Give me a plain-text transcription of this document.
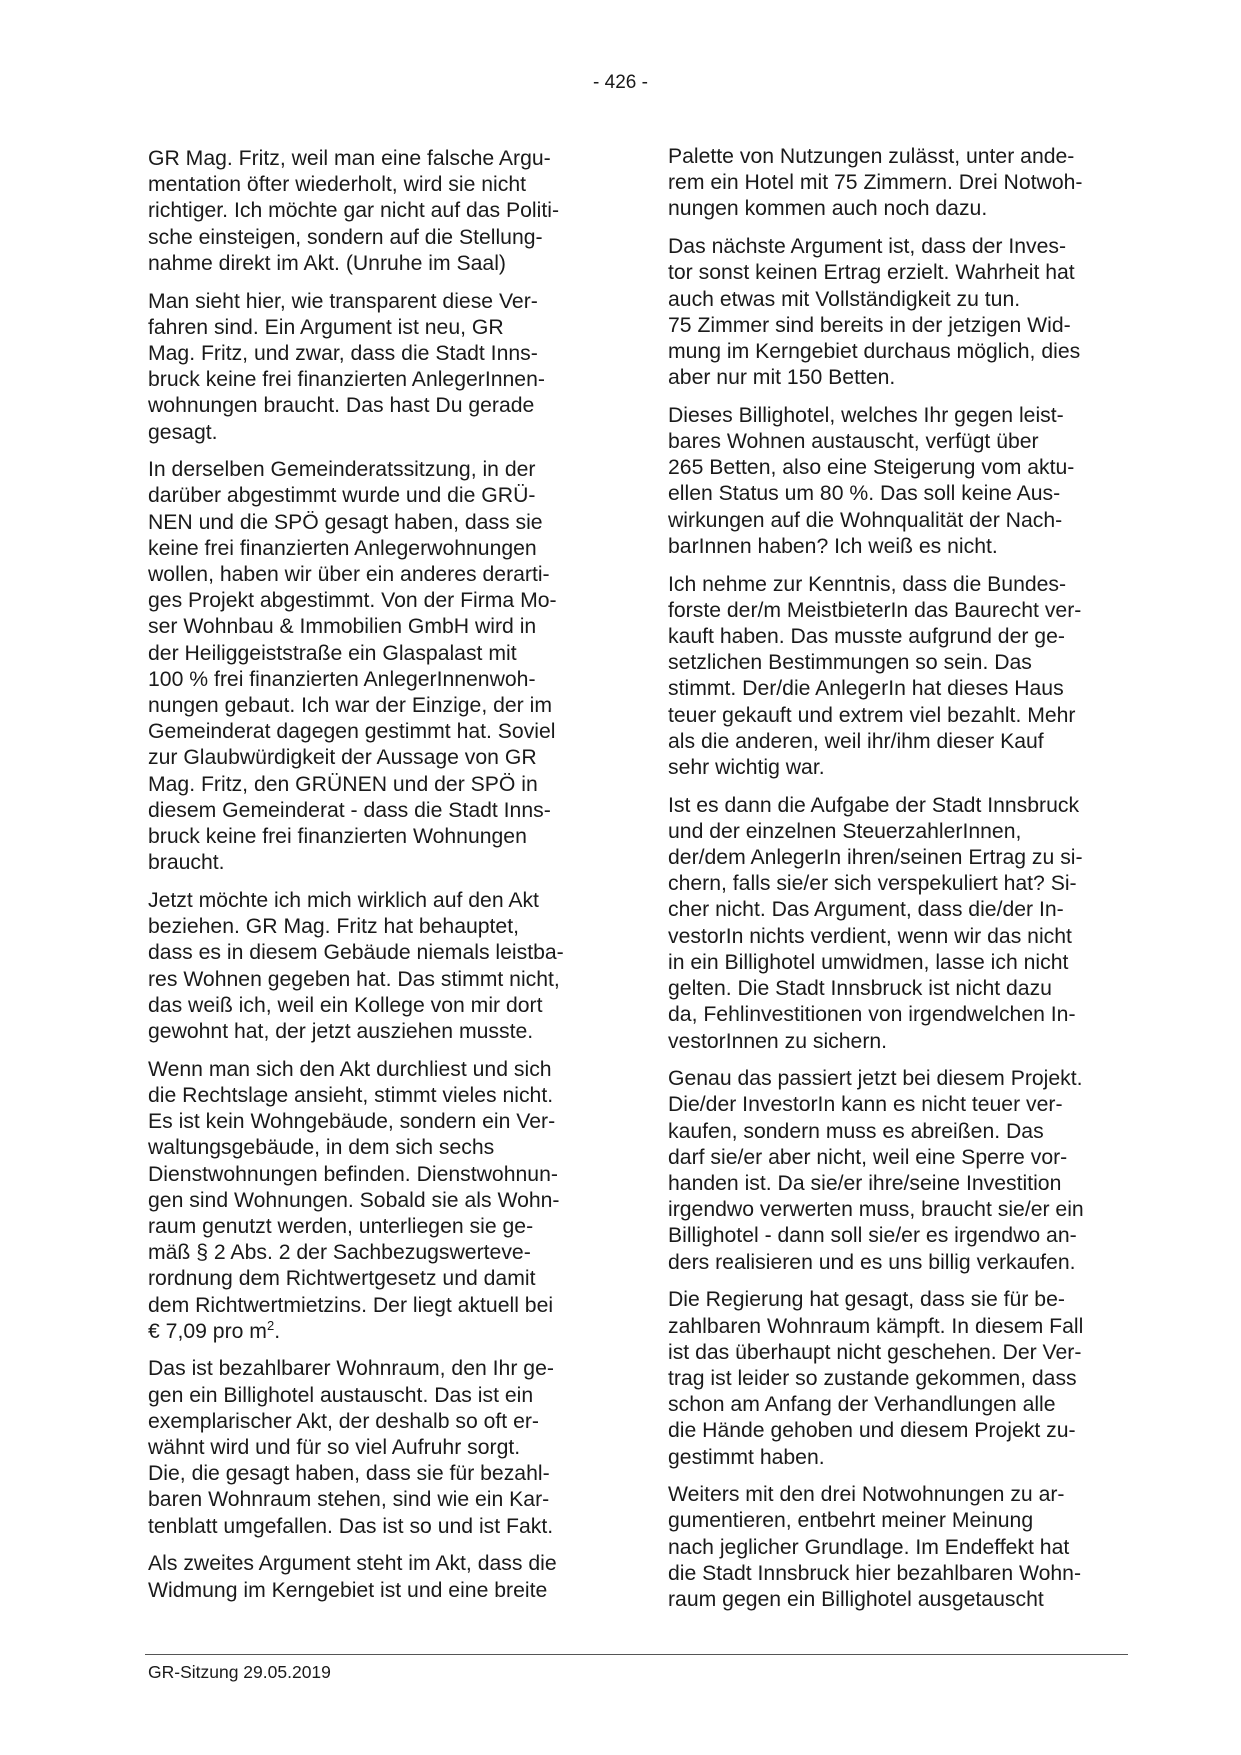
- 426 -

GR Mag. Fritz, weil man eine falsche Argu-
mentation öfter wiederholt, wird sie nicht
richtiger. Ich möchte gar nicht auf das Politi-
sche einsteigen, sondern auf die Stellung-
nahme direkt im Akt. (Unruhe im Saal)

Man sieht hier, wie transparent diese Ver-
fahren sind. Ein Argument ist neu, GR
Mag. Fritz, und zwar, dass die Stadt Inns-
bruck keine frei finanzierten AnlegerInnen-
wohnungen braucht. Das hast Du gerade
gesagt.

In derselben Gemeinderatssitzung, in der
darüber abgestimmt wurde und die GRÜ-
NEN und die SPÖ gesagt haben, dass sie
keine frei finanzierten Anlegerwohnungen
wollen, haben wir über ein anderes derarti-
ges Projekt abgestimmt. Von der Firma Mo-
ser Wohnbau & Immobilien GmbH wird in
der Heiliggeiststraße ein Glaspalast mit
100 % frei finanzierten AnlegerInnenwoh-
nungen gebaut. Ich war der Einzige, der im
Gemeinderat dagegen gestimmt hat. Soviel
zur Glaubwürdigkeit der Aussage von GR
Mag. Fritz, den GRÜNEN und der SPÖ in
diesem Gemeinderat - dass die Stadt Inns-
bruck keine frei finanzierten Wohnungen
braucht.

Jetzt möchte ich mich wirklich auf den Akt
beziehen. GR Mag. Fritz hat behauptet,
dass es in diesem Gebäude niemals leistba-
res Wohnen gegeben hat. Das stimmt nicht,
das weiß ich, weil ein Kollege von mir dort
gewohnt hat, der jetzt ausziehen musste.

Wenn man sich den Akt durchliest und sich
die Rechtslage ansieht, stimmt vieles nicht.
Es ist kein Wohngebäude, sondern ein Ver-
waltungsgebäude, in dem sich sechs
Dienstwohnungen befinden. Dienstwohnun-
gen sind Wohnungen. Sobald sie als Wohn-
raum genutzt werden, unterliegen sie ge-
mäß § 2 Abs. 2 der Sachbezugswerteve-
rordnung dem Richtwertgesetz und damit
dem Richtwertmietzins. Der liegt aktuell bei
€ 7,09 pro $m^2$.

Das ist bezahlbarer Wohnraum, den Ihr ge-
gen ein Billighotel austauscht. Das ist ein
exemplarischer Akt, der deshalb so oft er-
wähnt wird und für so viel Aufruhr sorgt.
Die, die gesagt haben, dass sie für bezahl-
baren Wohnraum stehen, sind wie ein Kar-
tenblatt umgefallen. Das ist so und ist Fakt.

Als zweites Argument steht im Akt, dass die
Widmung im Kerngebiet ist und eine breite

Palette von Nutzungen zulässt, unter ande-
rem ein Hotel mit 75 Zimmern. Drei Notwoh-
nungen kommen auch noch dazu.

Das nächste Argument ist, dass der Inves-
tor sonst keinen Ertrag erzielt. Wahrheit hat
auch etwas mit Vollständigkeit zu tun.
75 Zimmer sind bereits in der jetzigen Wid-
mung im Kerngebiet durchaus möglich, dies
aber nur mit 150 Betten.

Dieses Billighotel, welches Ihr gegen leist-
bares Wohnen austauscht, verfügt über
265 Betten, also eine Steigerung vom aktu-
ellen Status um 80 %. Das soll keine Aus-
wirkungen auf die Wohnqualität der Nach-
barInnen haben? Ich weiß es nicht.

Ich nehme zur Kenntnis, dass die Bundes-
forste der/m MeistbieterIn das Baurecht ver-
kauft haben. Das musste aufgrund der ge-
setzlichen Bestimmungen so sein. Das
stimmt. Der/die AnlegerIn hat dieses Haus
teuer gekauft und extrem viel bezahlt. Mehr
als die anderen, weil ihr/ihm dieser Kauf
sehr wichtig war.

Ist es dann die Aufgabe der Stadt Innsbruck
und der einzelnen SteuerzahlerInnen,
der/dem AnlegerIn ihren/seinen Ertrag zu si-
chern, falls sie/er sich verspekuliert hat? Si-
cher nicht. Das Argument, dass die/der In-
vestorIn nichts verdient, wenn wir das nicht
in ein Billighotel umwidmen, lasse ich nicht
gelten. Die Stadt Innsbruck ist nicht dazu
da, Fehlinvestitionen von irgendwelchen In-
vestorInnen zu sichern.

Genau das passiert jetzt bei diesem Projekt.
Die/der InvestorIn kann es nicht teuer ver-
kaufen, sondern muss es abreißen. Das
darf sie/er aber nicht, weil eine Sperre vor-
handen ist. Da sie/er ihre/seine Investition
irgendwo verwerten muss, braucht sie/er ein
Billighotel - dann soll sie/er es irgendwo an-
ders realisieren und es uns billig verkaufen.

Die Regierung hat gesagt, dass sie für be-
zahlbaren Wohnraum kämpft. In diesem Fall
ist das überhaupt nicht geschehen. Der Ver-
trag ist leider so zustande gekommen, dass
schon am Anfang der Verhandlungen alle
die Hände gehoben und diesem Projekt zu-
gestimmt haben.

Weiters mit den drei Notwohnungen zu ar-
gumentieren, entbehrt meiner Meinung
nach jeglicher Grundlage. Im Endeffekt hat
die Stadt Innsbruck hier bezahlbaren Wohn-
raum gegen ein Billighotel ausgetauscht

GR-Sitzung 29.05.2019
